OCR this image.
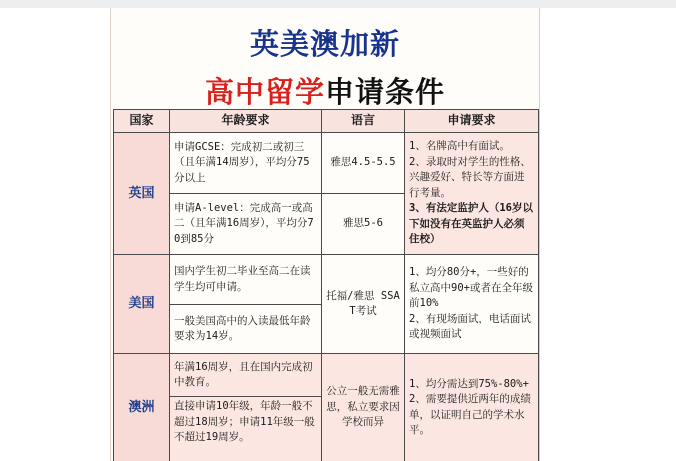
英美澳加新
高中留学申请条件
国家	年龄要求	语言	申请要求
英国	申请GCSE：完成初二或初三（且年满14周岁），平均分75分以上	雅思4.5-5.5	1、名牌高中有面试。
2、录取时对学生的性格、兴趣爱好、特长等方面进行考量。
3、有法定监护人（16岁以下如没有在英监护人必须住校）

	申请A-level：完成高一或高二（且年满16周岁），平均分70到85分	雅思5-6	
美国	国内学生初二毕业至高二在读学生均可申请。	托福/雅思 SSAT考试	1、均分80分+，一些好的私立高中90+或者在全年级前10%
2、有现场面试，电话面试或视频面试

	一般美国高中的入读最低年龄要求为14岁。		
澳洲	年满16周岁，且在国内完成初中教育。	公立一般无需雅思，私立要求因学校而异	1、均分需达到75%-80%+
2、需要提供近两年的成绩单，以证明自己的学术水平。

	直接申请10年级，年龄一般不超过18周岁；申请11年级一般不超过19周岁。		
